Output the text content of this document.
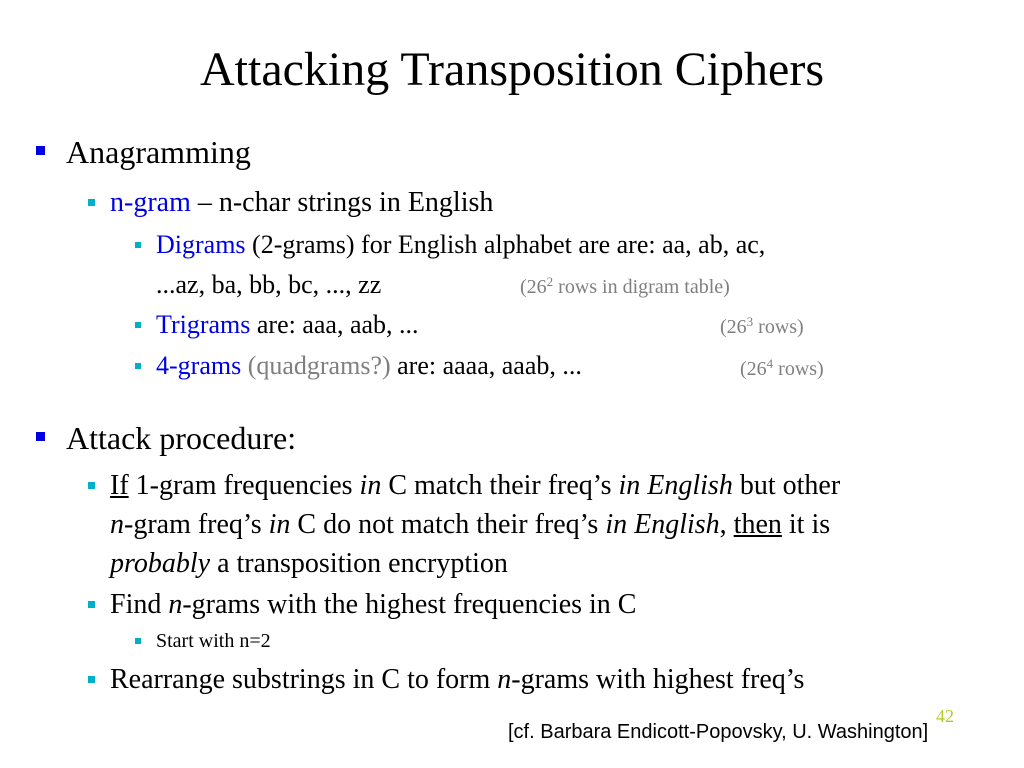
Attacking Transposition Ciphers
Anagramming
n-gram – n-char strings in English
Digrams (2-grams) for English alphabet are are: aa, ab, ac,
...az, ba, bb, bc, ..., zz	($26^2$ rows in digram table)
Trigrams are: aaa, aab, ...	($26^3$ rows)
4-grams (quadgrams?) are: aaaa, aaab, ...	($26^4$ rows)
Attack procedure:
If 1-gram frequencies in C match their freq’s in English but other
n-gram freq’s in C do not match their freq’s in English, then it is
probably a transposition encryption
Find n-grams with the highest frequencies in C
Start with n=2
Rearrange substrings in C to form n-grams with highest freq’s
42
[cf. Barbara Endicott-Popovsky, U. Washington]
